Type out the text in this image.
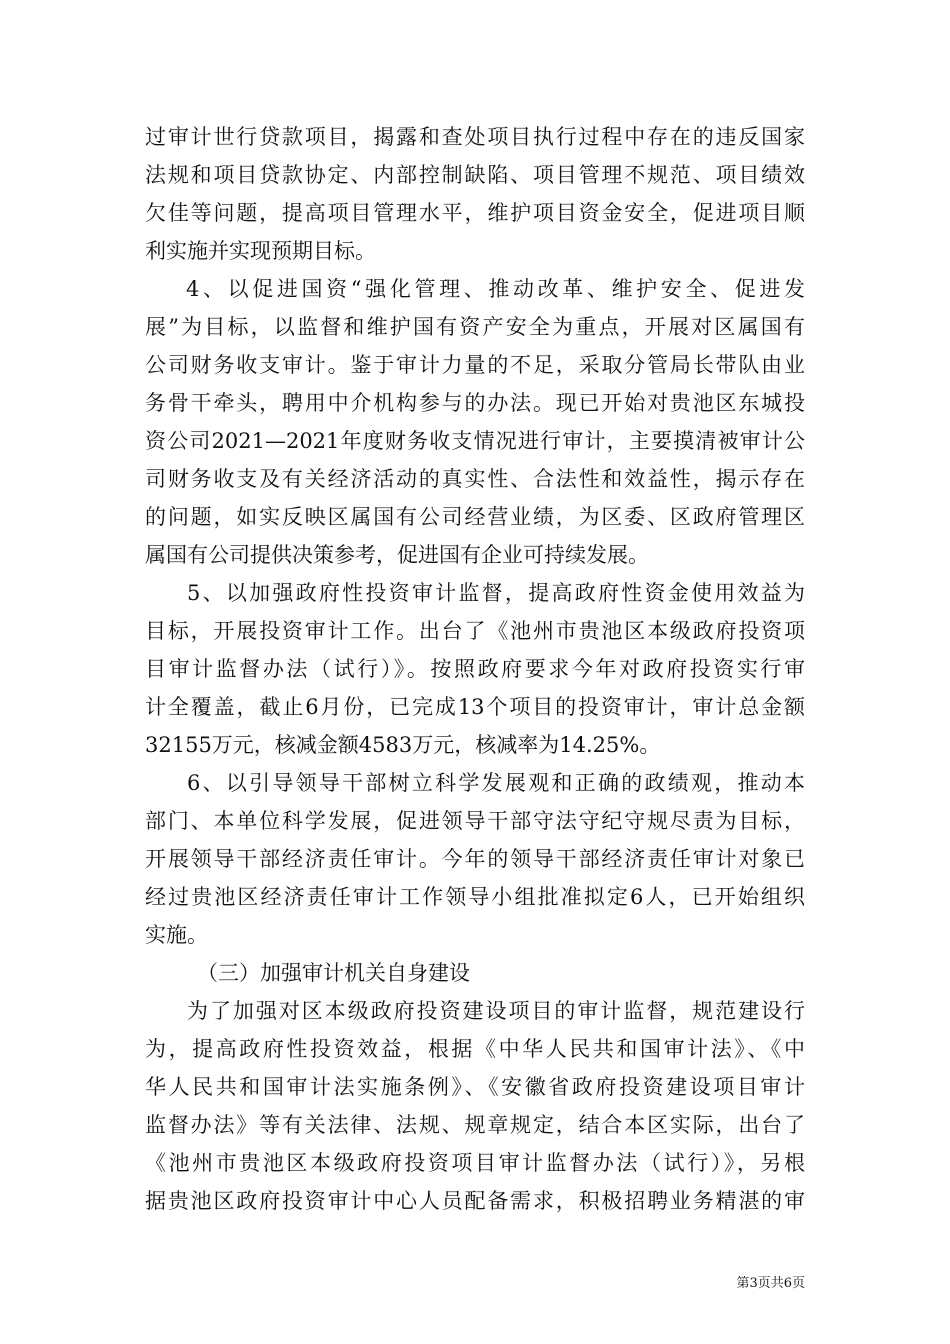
过审计世行贷款项目，揭露和查处项目执行过程中存在的违反国家
法规和项目贷款协定、内部控制缺陷、项目管理不规范、项目绩效
欠佳等问题，提高项目管理水平，维护项目资金安全，促进项目顺
利实施并实现预期目标。
4、以促进国资“强化管理、推动改革、维护安全、促进发
展”为目标，以监督和维护国有资产安全为重点，开展对区属国有
公司财务收支审计。鉴于审计力量的不足，采取分管局长带队由业
务骨干牵头，聘用中介机构参与的办法。现已开始对贵池区东城投
资公司2021—2021年度财务收支情况进行审计，主要摸清被审计公
司财务收支及有关经济活动的真实性、合法性和效益性，揭示存在
的问题，如实反映区属国有公司经营业绩，为区委、区政府管理区
属国有公司提供决策参考，促进国有企业可持续发展。
5、以加强政府性投资审计监督，提高政府性资金使用效益为
目标，开展投资审计工作。出台了《池州市贵池区本级政府投资项
目审计监督办法（试行）》。按照政府要求今年对政府投资实行审
计全覆盖，截止6月份，已完成13个项目的投资审计，审计总金额
32155万元，核减金额4583万元，核减率为14.25%。
6、以引导领导干部树立科学发展观和正确的政绩观，推动本
部门、本单位科学发展，促进领导干部守法守纪守规尽责为目标，
开展领导干部经济责任审计。今年的领导干部经济责任审计对象已
经过贵池区经济责任审计工作领导小组批准拟定6人，已开始组织
实施。
（三）加强审计机关自身建设
为了加强对区本级政府投资建设项目的审计监督，规范建设行
为，提高政府性投资效益，根据《中华人民共和国审计法》、《中
华人民共和国审计法实施条例》、《安徽省政府投资建设项目审计
监督办法》等有关法律、法规、规章规定，结合本区实际，出台了
《池州市贵池区本级政府投资项目审计监督办法（试行）》，另根
据贵池区政府投资审计中心人员配备需求，积极招聘业务精湛的审
第3页共6页
